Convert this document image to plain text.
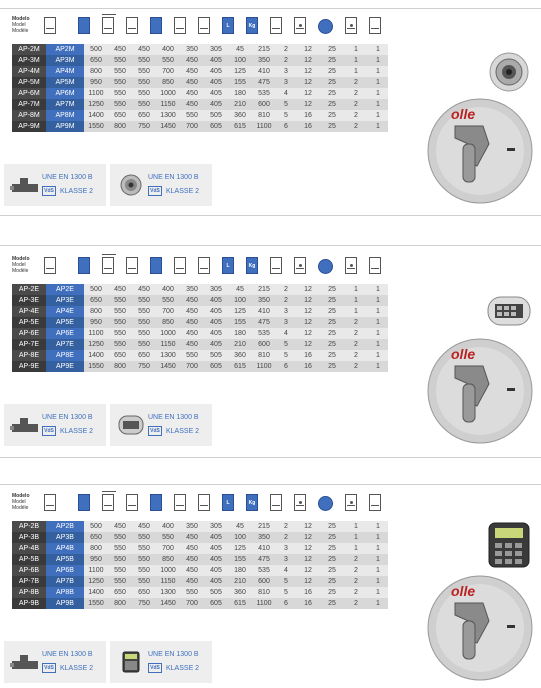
Modelo
Model
Modèle
L	Kg
AP-2M	AP2M	500	450	450	400	350	305	45	215	2	12	25	1	1
AP-3M	AP3M	650	550	550	550	450	405	100	350	2	12	25	1	1
AP-4M	AP4M	800	550	550	700	450	405	125	410	3	12	25	1	1
AP-5M	AP5M	950	550	550	850	450	405	155	475	3	12	25	2	1
AP-6M	AP6M	1100	550	550	1000	450	405	180	535	4	12	25	2	1
AP-7M	AP7M	1250	550	550	1150	450	405	210	600	5	12	25	2	1
AP-8M	AP8M	1400	650	650	1300	550	505	360	810	5	16	25	2	1
AP-9M	AP9M	1550	800	750	1450	700	605	615	1100	6	16	25	2	1
UNE EN 1300 B
VdS KLASSE 2
UNE EN 1300 B
VdS KLASSE 2
olle
Modelo
Model
Modèle
L	Kg
AP-2E	AP2E	500	450	450	400	350	305	45	215	2	12	25	1	1
AP-3E	AP3E	650	550	550	550	450	405	100	350	2	12	25	1	1
AP-4E	AP4E	800	550	550	700	450	405	125	410	3	12	25	1	1
AP-5E	AP5E	950	550	550	850	450	405	155	475	3	12	25	2	1
AP-6E	AP6E	1100	550	550	1000	450	405	180	535	4	12	25	2	1
AP-7E	AP7E	1250	550	550	1150	450	405	210	600	5	12	25	2	1
AP-8E	AP8E	1400	650	650	1300	550	505	360	810	5	16	25	2	1
AP-9E	AP9E	1550	800	750	1450	700	605	615	1100	6	16	25	2	1
UNE EN 1300 B
VdS KLASSE 2
UNE EN 1300 B
VdS KLASSE 2
olle
Modelo
Model
Modèle
L	Kg
AP-2B	AP2B	500	450	450	400	350	305	45	215	2	12	25	1	1
AP-3B	AP3B	650	550	550	550	450	405	100	350	2	12	25	1	1
AP-4B	AP4B	800	550	550	700	450	405	125	410	3	12	25	1	1
AP-5B	AP5B	950	550	550	850	450	405	155	475	3	12	25	2	1
AP-6B	AP6B	1100	550	550	1000	450	405	180	535	4	12	25	2	1
AP-7B	AP7B	1250	550	550	1150	450	405	210	600	5	12	25	2	1
AP-8B	AP8B	1400	650	650	1300	550	505	360	810	5	16	25	2	1
AP-9B	AP9B	1550	800	750	1450	700	605	615	1100	6	16	25	2	1
UNE EN 1300 B
VdS KLASSE 2
UNE EN 1300 B
VdS KLASSE 2
olle
